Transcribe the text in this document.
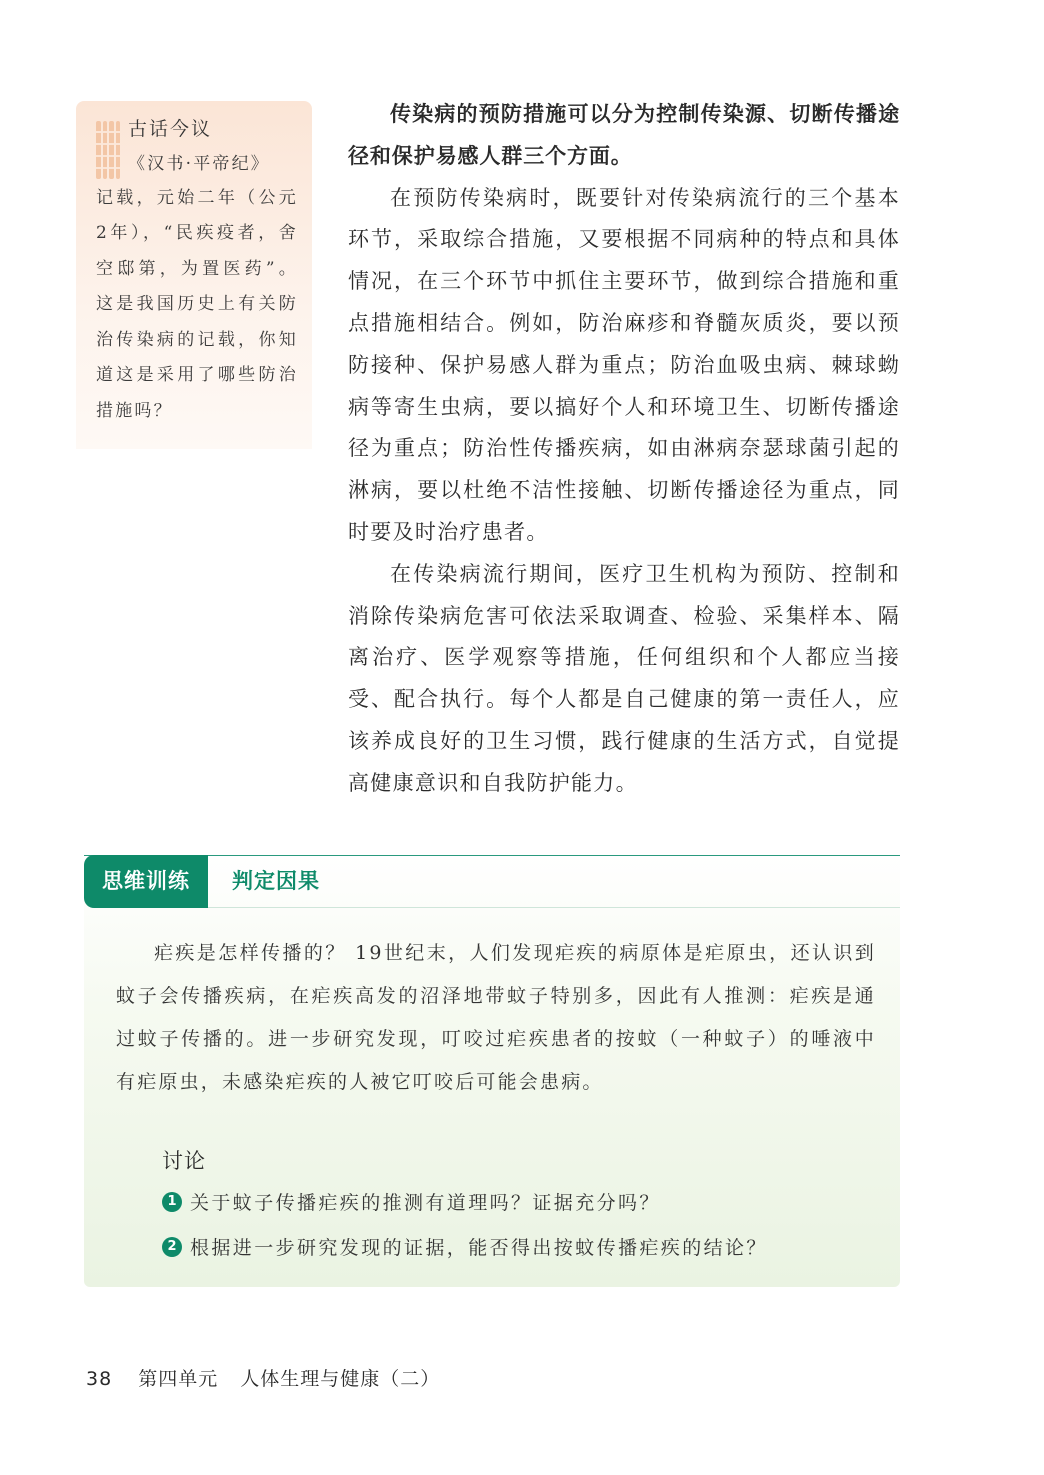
古话今议
《汉书·平帝纪》
记载，元始二年（公元2年），“民疾疫者，舍空邸第，为置医药”。这是我国历史上有关防治传染病的记载，你知道这是采用了哪些防治措施吗？

传染病的预防措施可以分为控制传染源、切断传播途径和保护易感人群三个方面。

在预防传染病时，既要针对传染病流行的三个基本环节，采取综合措施，又要根据不同病种的特点和具体情况，在三个环节中抓住主要环节，做到综合措施和重点措施相结合。例如，防治麻疹和脊髓灰质炎，要以预防接种、保护易感人群为重点；防治血吸虫病、棘球蚴病等寄生虫病，要以搞好个人和环境卫生、切断传播途径为重点；防治性传播疾病，如由淋病奈瑟球菌引起的淋病，要以杜绝不洁性接触、切断传播途径为重点，同时要及时治疗患者。

在传染病流行期间，医疗卫生机构为预防、控制和消除传染病危害可依法采取调查、检验、采集样本、隔离治疗、医学观察等措施，任何组织和个人都应当接受、配合执行。每个人都是自己健康的第一责任人，应该养成良好的卫生习惯，践行健康的生活方式，自觉提高健康意识和自我防护能力。

思维训练	判定因果

疟疾是怎样传播的？ 19世纪末，人们发现疟疾的病原体是疟原虫，还认识到蚊子会传播疾病，在疟疾高发的沼泽地带蚊子特别多，因此有人推测：疟疾是通过蚊子传播的。进一步研究发现，叮咬过疟疾患者的按蚊（一种蚊子）的唾液中有疟原虫，未感染疟疾的人被它叮咬后可能会患病。

讨论
1 关于蚊子传播疟疾的推测有道理吗？证据充分吗？
2 根据进一步研究发现的证据，能否得出按蚊传播疟疾的结论？
38 第四单元 人体生理与健康（二）
